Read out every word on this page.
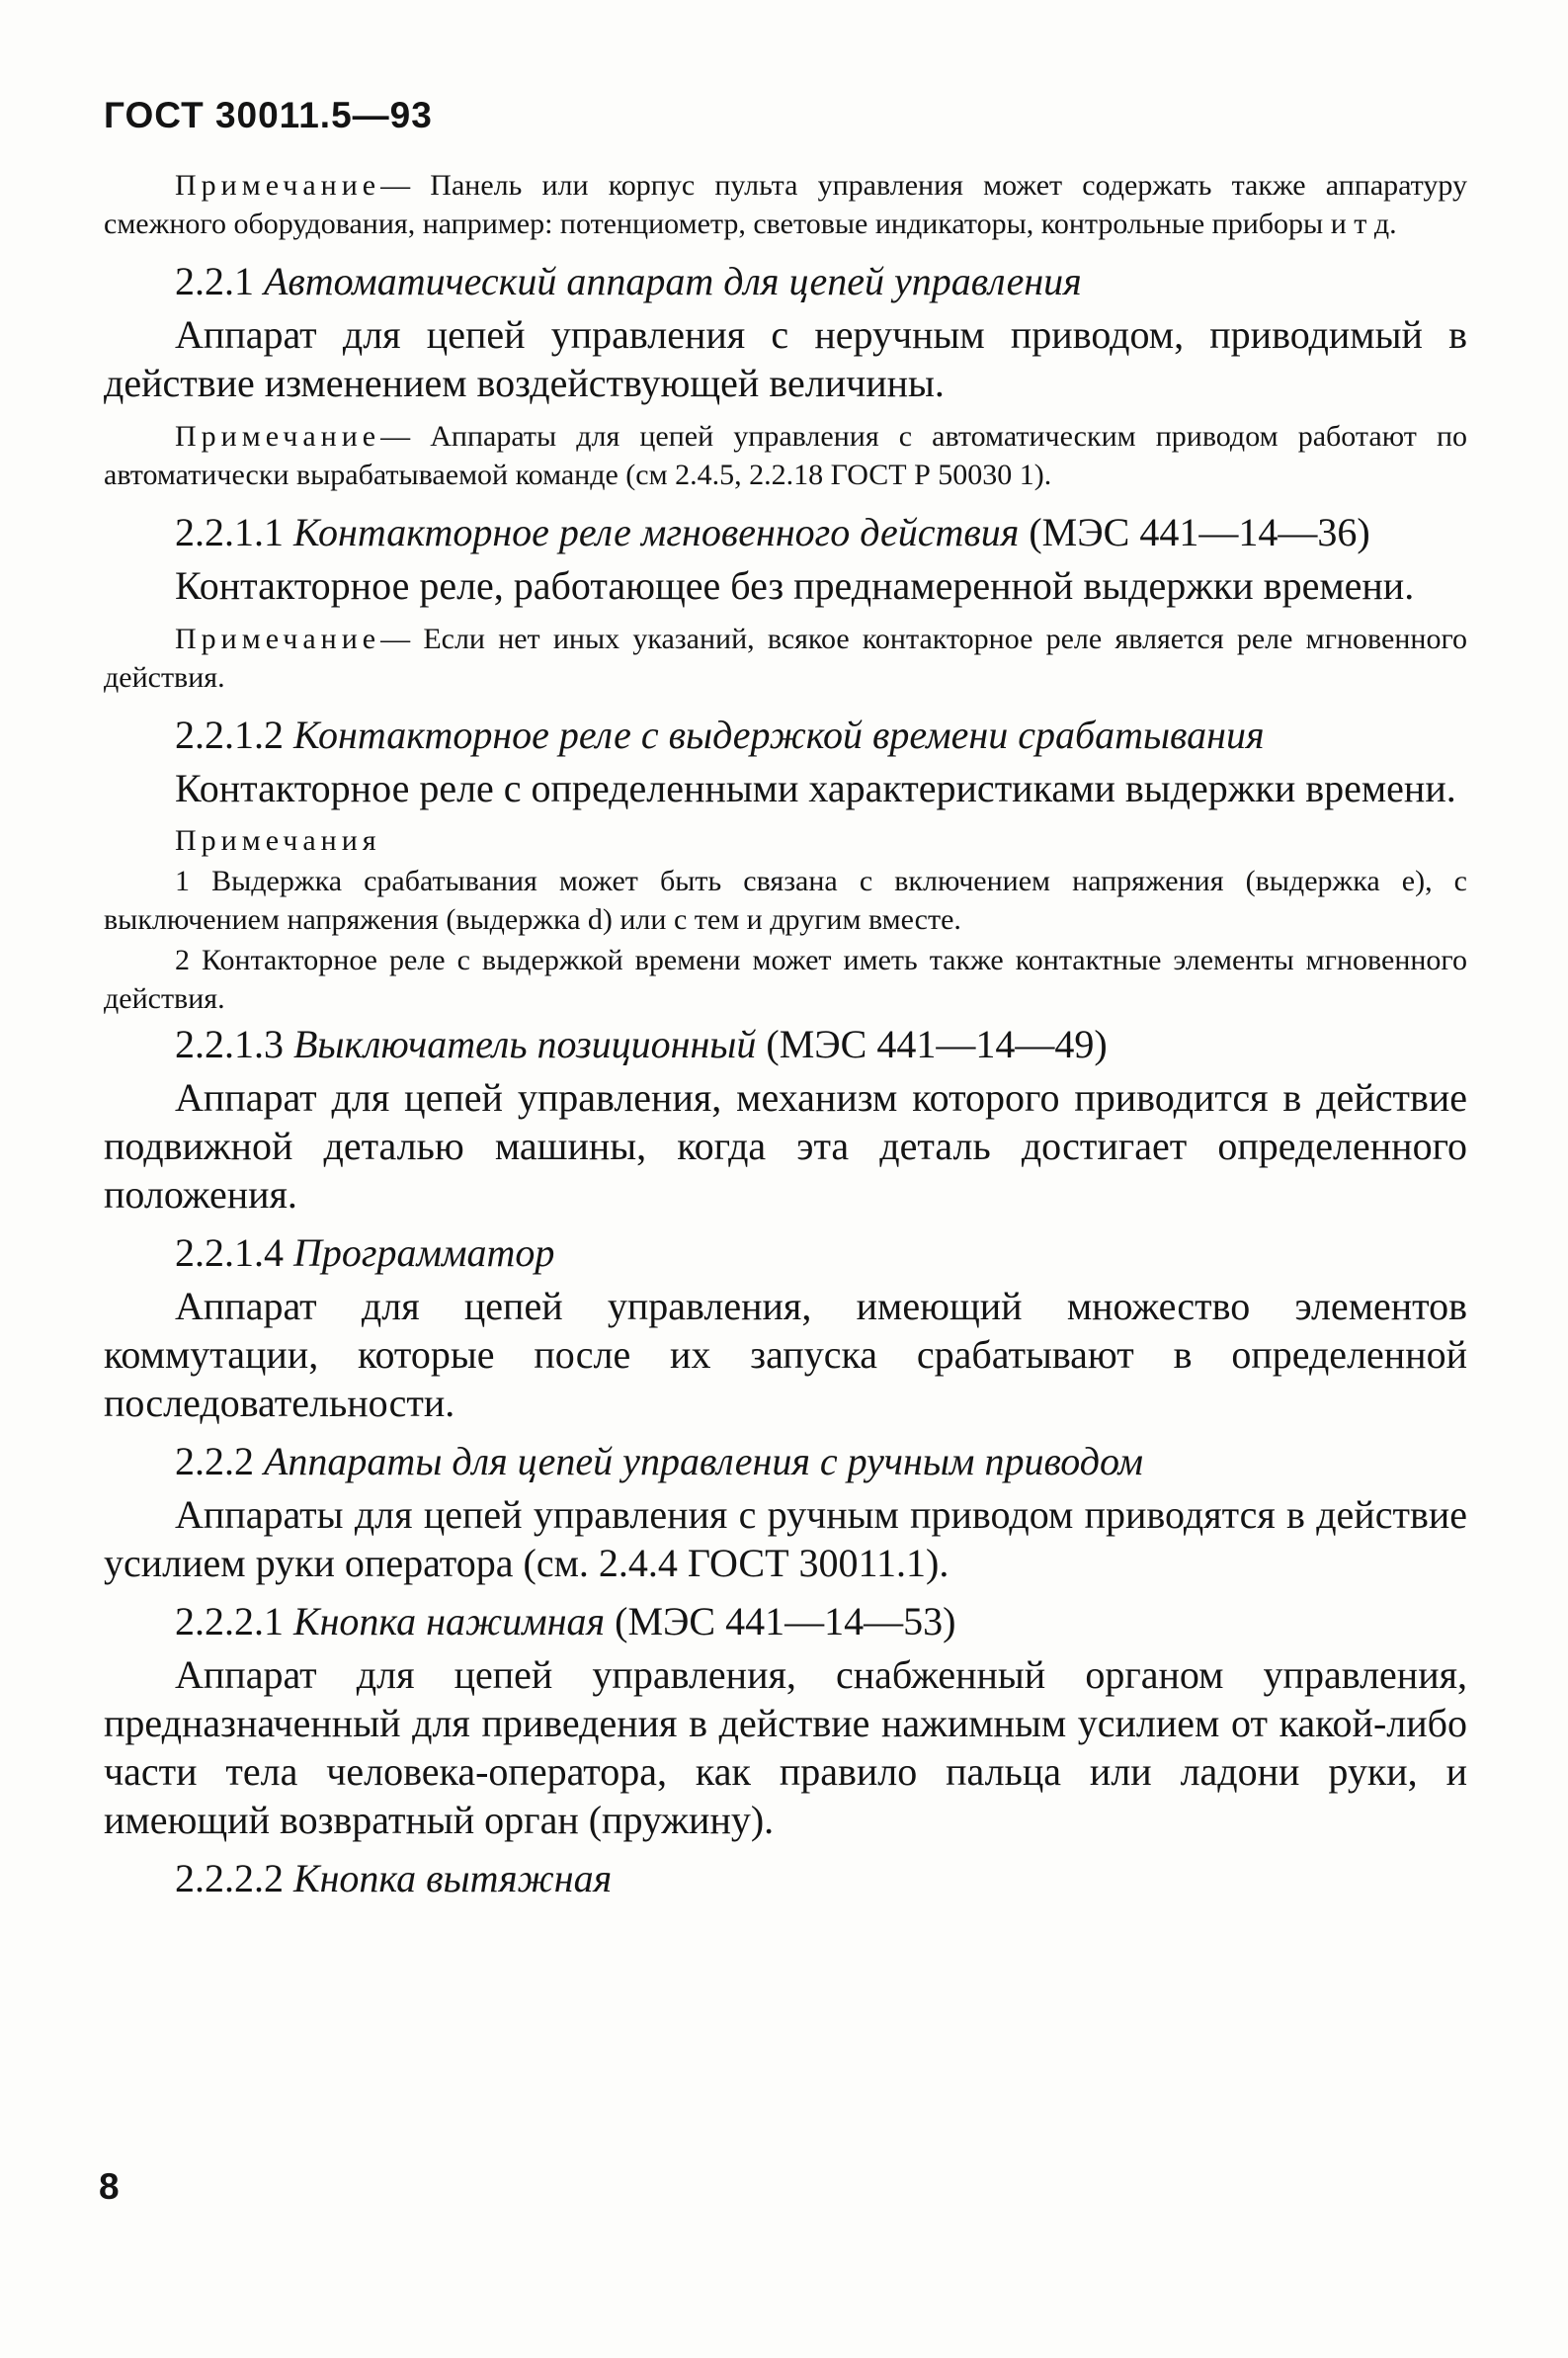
ГОСТ 30011.5—93

Примечание— Панель или корпус пульта управления может содержать также аппаратуру смежного оборудования, например: потенциометр, световые индикаторы, контрольные приборы и т д.

2.2.1 Автоматический аппарат для цепей управления

Аппарат для цепей управления с неручным приводом, приводимый в действие изменением воздействующей величины.

Примечание— Аппараты для цепей управления с автоматическим приводом работают по автоматически вырабатываемой команде (см 2.4.5, 2.2.18 ГОСТ Р 50030 1).

2.2.1.1 Контакторное реле мгновенного действия (МЭС 441—14—36)

Контакторное реле, работающее без преднамеренной выдержки времени.

Примечание— Если нет иных указаний, всякое контакторное реле является реле мгновенного действия.

2.2.1.2 Контакторное реле с выдержкой времени срабатывания

Контакторное реле с определенными характеристиками выдержки времени.

Примечания

1 Выдержка срабатывания может быть связана с включением напряжения (выдержка е), с выключением напряжения (выдержка d) или с тем и другим вместе.

2 Контакторное реле с выдержкой времени может иметь также контактные элементы мгновенного действия.

2.2.1.3 Выключатель позиционный (МЭС 441—14—49)

Аппарат для цепей управления, механизм которого приводится в действие подвижной деталью машины, когда эта деталь достигает определенного положения.

2.2.1.4 Программатор

Аппарат для цепей управления, имеющий множество элементов коммутации, которые после их запуска срабатывают в определенной последовательности.

2.2.2 Аппараты для цепей управления с ручным приводом

Аппараты для цепей управления с ручным приводом приводятся в действие усилием руки оператора (см. 2.4.4 ГОСТ 30011.1).

2.2.2.1 Кнопка нажимная (МЭС 441—14—53)

Аппарат для цепей управления, снабженный органом управления, предназначенный для приведения в действие нажимным усилием от какой-либо части тела человека-оператора, как правило пальца или ладони руки, и имеющий возвратный орган (пружину).

2.2.2.2 Кнопка вытяжная

8
